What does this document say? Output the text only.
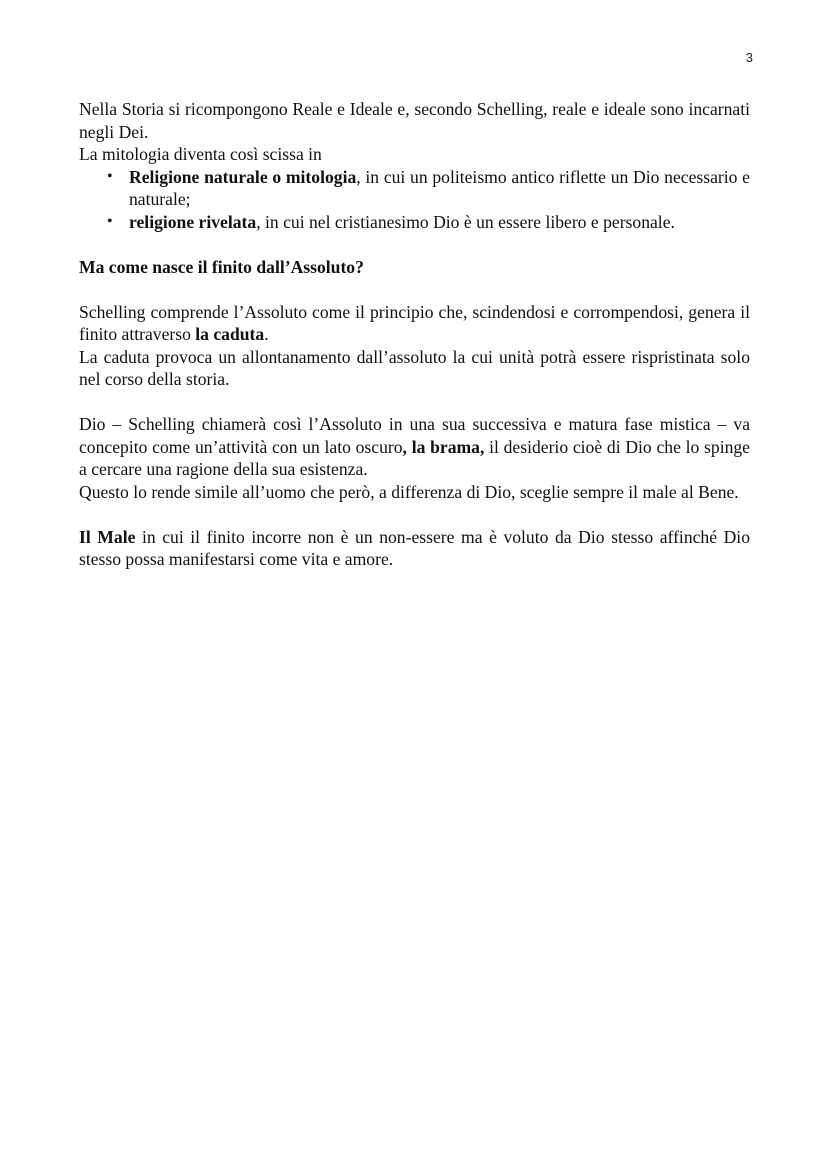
3

Nella Storia si ricompongono Reale e Ideale e, secondo Schelling, reale e ideale sono incarnati negli Dei.

La mitologia diventa così scissa in

• Religione naturale o mitologia, in cui un politeismo antico riflette un Dio necessario e naturale;
• religione rivelata, in cui nel cristianesimo Dio è un essere libero e personale.

Ma come nasce il finito dall’Assoluto?

Schelling comprende l’Assoluto come il principio che, scindendosi e corrompendosi, genera il finito attraverso la caduta.

La caduta provoca un allontanamento dall’assoluto la cui unità potrà essere rispristinata solo nel corso della storia.

Dio – Schelling chiamerà così l’Assoluto in una sua successiva e matura fase mistica – va concepito come un’attività con un lato oscuro, la brama, il desiderio cioè di Dio che lo spinge a cercare una ragione della sua esistenza.

Questo lo rende simile all’uomo che però, a differenza di Dio, sceglie sempre il male al Bene.

Il Male in cui il finito incorre non è un non-essere ma è voluto da Dio stesso affinché Dio stesso possa manifestarsi come vita e amore.
